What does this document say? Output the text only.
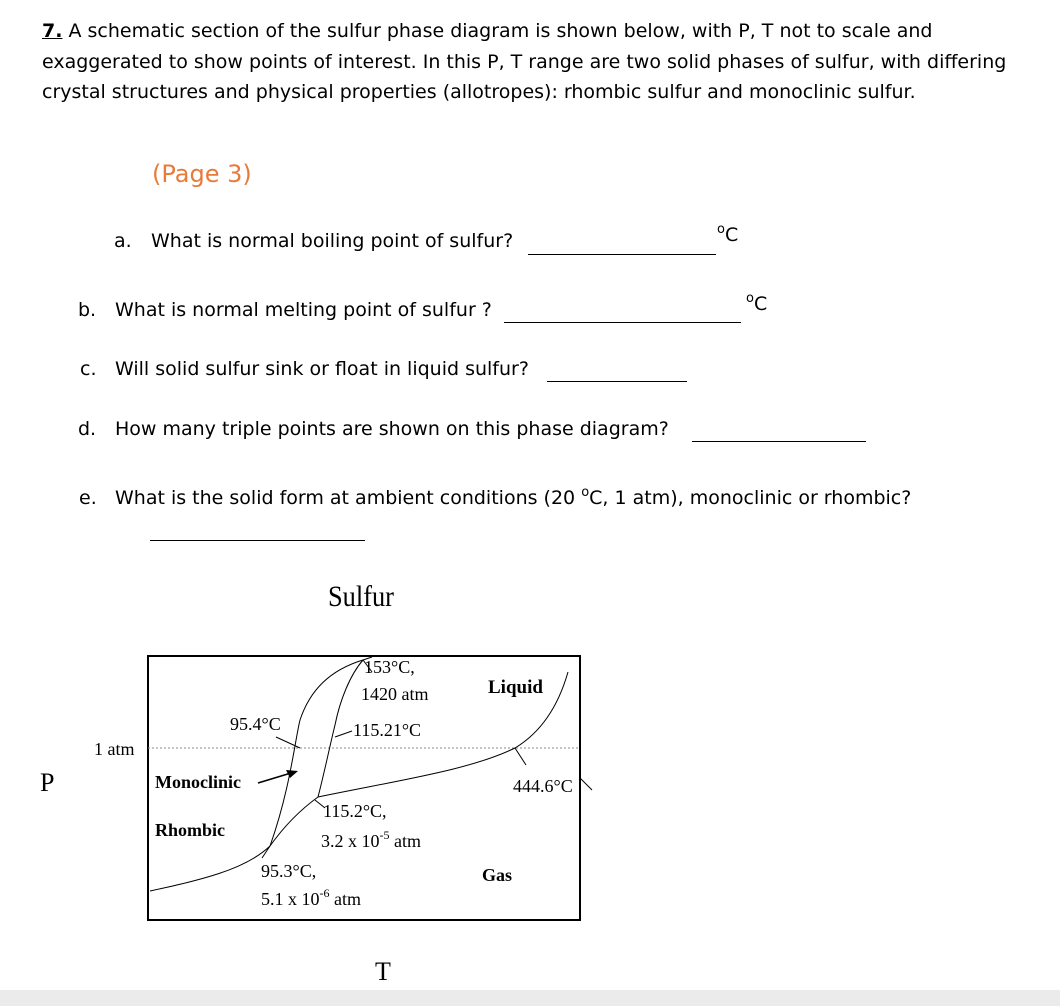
7. A schematic section of the sulfur phase diagram is shown below, with P, T not to scale and exaggerated to show points of interest. In this P, T range are two solid phases of sulfur, with differing crystal structures and physical properties (allotropes): rhombic sulfur and monoclinic sulfur.
(Page 3)
a. What is normal boiling point of sulfur?
$^o$C
b. What is normal melting point of sulfur ?
$^o$C
c. Will solid sulfur sink or float in liquid sulfur?
d. How many triple points are shown on this phase diagram?
e. What is the solid form at ambient conditions (20 $^o$C, 1 atm), monoclinic or rhombic?
Sulfur
P
T
1 atm
Liquid
Monoclinic
Rhombic
Gas
153°C,
1420 atm
95.4°C	115.21°C
115.2°C,
3.2 x $10^{-5}$ atm
95.3°C,
5.1 x $10^{-6}$ atm
444.6°C
